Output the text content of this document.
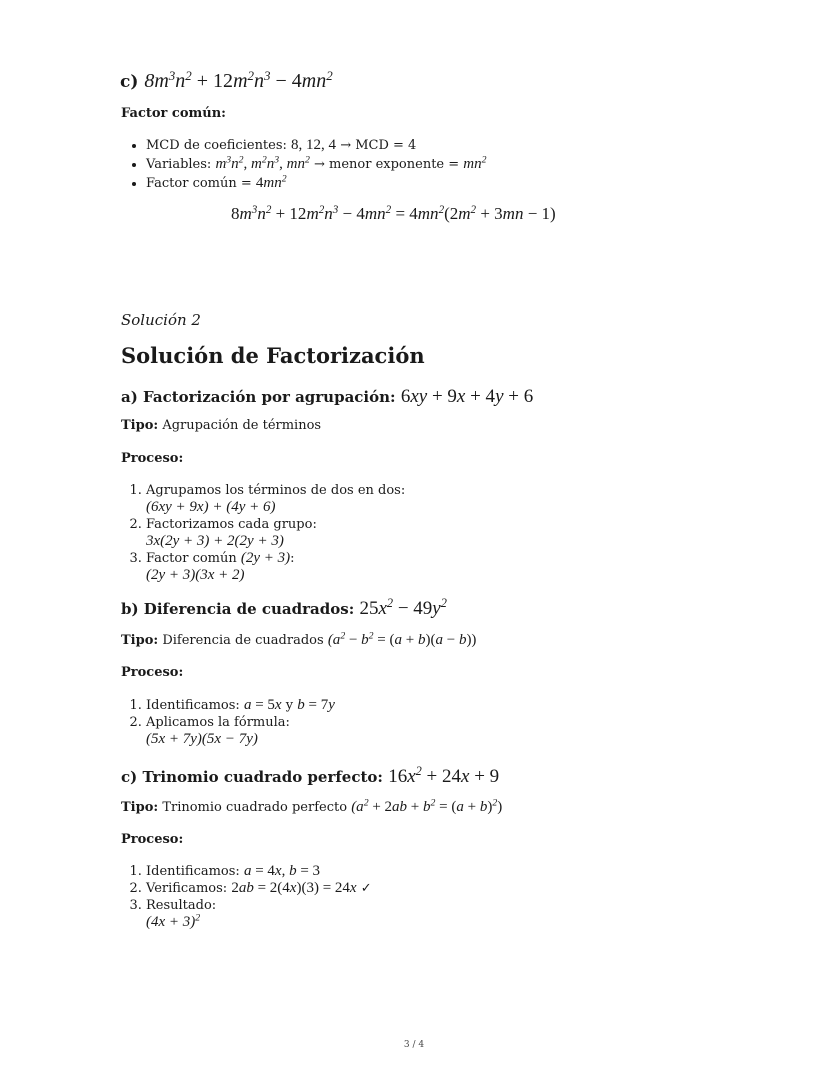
c) $8m^3n^2 + 12m^2n^3 - 4mn^2$
Factor común:
• MCD de coeficientes: 8, 12, 4 → MCD = 4
• Variables: $m^3n^2$, $m^2n^3$, $mn^2$ → menor exponente = $mn^2$
• Factor común = $4mn^2$
$8m^3n^2 + 12m^2n^3 - 4mn^2 = 4mn^2(2m^2 + 3mn - 1)$
Solución 2
Solución de Factorización
a) Factorización por agrupación: 6xy + 9x + 4y + 6
Tipo: Agrupación de términos
Proceso:
1. Agrupamos los términos de dos en dos:
(6xy + 9x) + (4y + 6)
2. Factorizamos cada grupo:
3x(2y + 3) + 2(2y + 3)
3. Factor común (2y + 3):
(2y + 3)(3x + 2)
b) Diferencia de cuadrados: $25x^2 - 49y^2$
Tipo: Diferencia de cuadrados $(a^2 - b^2 = (a + b)(a - b))$
Proceso:
1. Identificamos: a = 5x y b = 7y
2. Aplicamos la fórmula:
(5x + 7y)(5x − 7y)
c) Trinomio cuadrado perfecto: $16x^2 + 24x + 9$
Tipo: Trinomio cuadrado perfecto $(a^2 + 2ab + b^2 = (a + b)^2)$
Proceso:
1. Identificamos: a = 4x, b = 3
2. Verificamos: 2ab = 2(4x)(3) = 24x ✓
3. Resultado:
$(4x + 3)^2$
3 / 4
